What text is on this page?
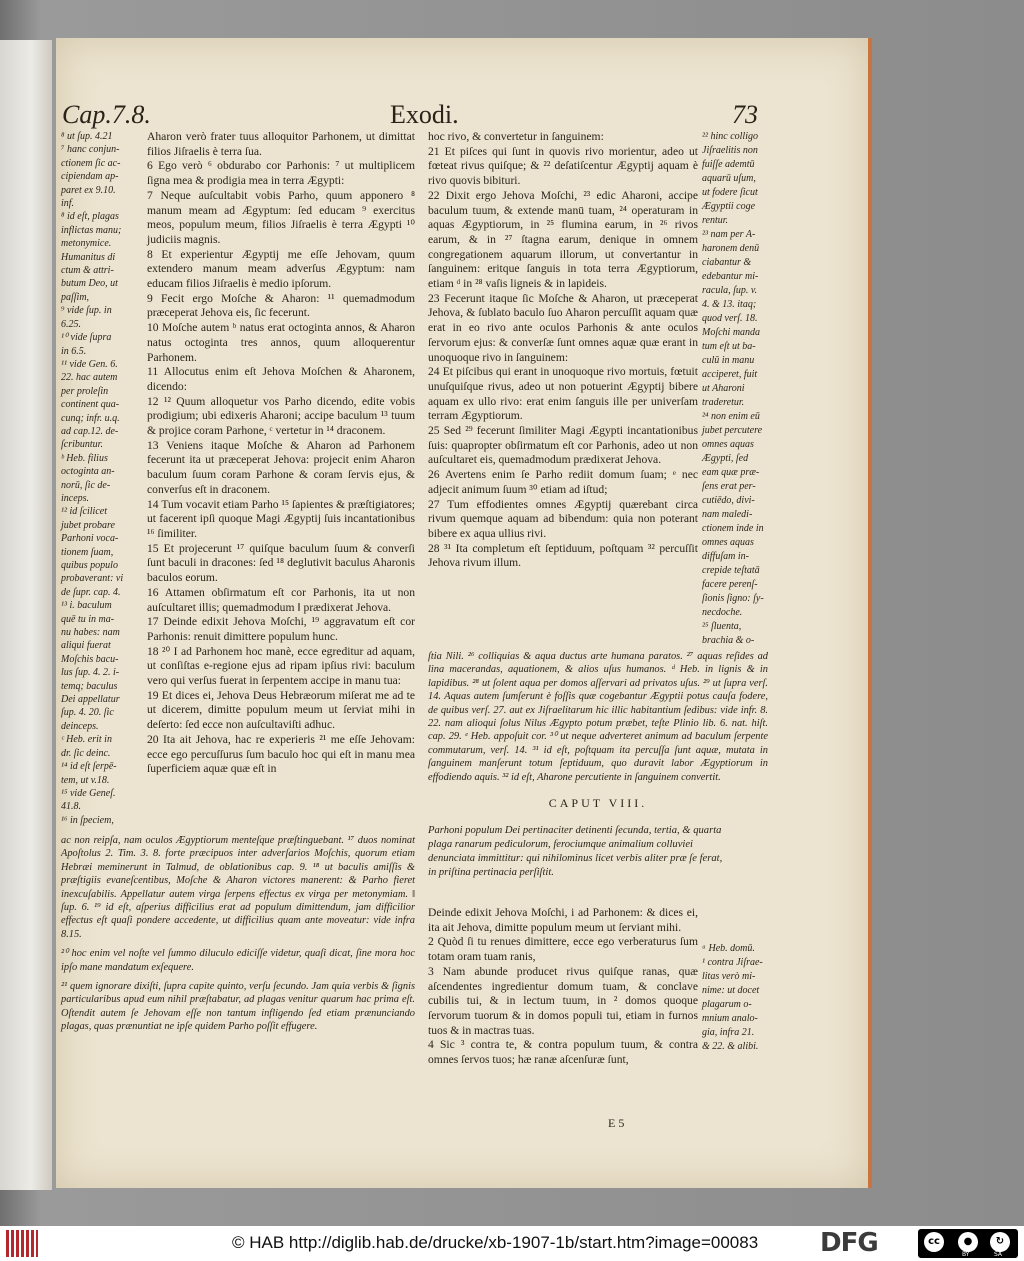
Cap.7.8.	Exodi.	73

⁸ ut ſup. 4.21

⁷ hanc conjun-

ctionem ſic ac-

cipiendam ap-

paret ex 9.10.

inf.

⁸ id eſt, plagas

inflictas manu;

metonymice.

Humanitus di

ctum & attri-

butum Deo, ut

paſſim,

⁹ vide ſup. in

6.25.

¹⁰ vide ſupra

in 6.5.

¹¹ vide Gen. 6.

22. hac autem

per proleſin

continent qua-

cunq; infr. u.q.

ad cap.12. de-

ſcribuntur.

ᵇ Heb. filius

octoginta an-

norū, ſic de-

inceps.

¹² id ſcilicet

jubet probare

Parhoni voca-

tionem ſuam,

quibus populo

probaverant: vi

de ſupr. cap. 4.

¹³ i. baculum

quē tu in ma-

nu habes: nam

aliqui fuerat

Moſchis bacu-

lus ſup. 4. 2. i-

temq; baculus

Dei appellatur

ſup. 4. 20. ſic

deinceps.

ᶜ Heb. erit in

dr. ſic deinc.

¹⁴ id eſt ſerpē-

tem, ut v.18.

¹⁵ vide Geneſ.

41.8.

¹⁶ in ſpeciem,

Aharon verò frater tuus alloquitor Parhonem, ut dimittat filios Jiſraelis è terra ſua.

6 Ego verò ⁶ obdurabo cor Parhonis: ⁷ ut multiplicem ſigna mea & prodigia mea in terra Ægypti:

7 Neque auſcultabit vobis Parho, quum apponero ⁸ manum meam ad Ægyptum: ſed educam ⁹ exercitus meos, populum meum, filios Jiſraelis è terra Ægypti ¹⁰ judiciis magnis.

8 Et experientur Ægyptij me eſſe Jehovam, quum extendero manum meam adverſus Ægyptum: nam educam filios Jiſraelis è medio ipſorum.

9 Fecit ergo Moſche & Aharon: ¹¹ quemadmodum præceperat Jehova eis, ſic fecerunt.

10 Moſche autem ᵇ natus erat octoginta annos, & Aharon natus octoginta tres annos, quum alloquerentur Parhonem.

11 Allocutus enim eſt Jehova Moſchen & Aharonem, dicendo:

12 ¹² Quum alloquetur vos Parho dicendo, edite vobis prodigium; ubi edixeris Aharoni; accipe baculum ¹³ tuum & projice coram Parhone, ᶜ vertetur in ¹⁴ draconem.

13 Veniens itaque Moſche & Aharon ad Parhonem fecerunt ita ut præceperat Jehova: projecit enim Aharon baculum ſuum coram Parhone & coram ſervis ejus, & converſus eſt in draconem.

14 Tum vocavit etiam Parho ¹⁵ ſapientes & præſtigiatores; ut facerent ipſi quoque Magi Ægyptij ſuis incantationibus ¹⁶ ſimiliter.

15 Et projecerunt ¹⁷ quiſque baculum ſuum & converſi ſunt baculi in dracones: ſed ¹⁸ deglutivit baculus Aharonis baculos eorum.

16 Attamen obſirmatum eſt cor Parhonis, ita ut non auſcultaret illis; quemadmodum ‖ prædixerat Jehova.

17 Deinde edixit Jehova Moſchi, ¹⁹ aggravatum eſt cor Parhonis: renuit dimittere populum hunc.

18 ²⁰ I ad Parhonem hoc manè, ecce egreditur ad aquam, ut conſiſtas e-regione ejus ad ripam ipſius rivi: baculum vero qui verſus fuerat in ſerpentem accipe in manu tua:

19 Et dices ei, Jehova Deus Hebræorum miſerat me ad te ut dicerem, dimitte populum meum ut ſerviat mihi in deſerto: ſed ecce non auſcultaviſti adhuc.

20 Ita ait Jehova, hac re experieris ²¹ me eſſe Jehovam: ecce ego percuſſurus ſum baculo hoc qui eſt in manu mea ſuperficiem aquæ quæ eſt in

hoc rivo, & convertetur in ſanguinem:

21 Et piſces qui ſunt in quovis rivo morientur, adeo ut fœteat rivus quiſque; & ²² deſatiſcentur Ægyptij aquam è rivo quovis bibituri.

22 Dixit ergo Jehova Moſchi, ²³ edic Aharoni, accipe baculum tuum, & extende manū tuam, ²⁴ operaturam in aquas Ægyptiorum, in ²⁵ flumina earum, in ²⁶ rivos earum, & in ²⁷ ſtagna earum, denique in omnem congregationem aquarum illorum, ut convertantur in ſanguinem: eritque ſanguis in tota terra Ægyptiorum, etiam ᵈ in ²⁸ vaſis ligneis & in lapideis.

23 Fecerunt itaque ſic Moſche & Aharon, ut præceperat Jehova, & ſublato baculo ſuo Aharon percuſſit aquam quæ erat in eo rivo ante oculos Parhonis & ante oculos ſervorum ejus: & converſæ ſunt omnes aquæ quæ erant in unoquoque rivo in ſanguinem:

24 Et piſcibus qui erant in unoquoque rivo mortuis, fœtuit unuſquiſque rivus, adeo ut non potuerint Ægyptij bibere aquam ex ullo rivo: erat enim ſanguis ille per univerſam terram Ægyptiorum.

25 Sed ²⁹ fecerunt ſimiliter Magi Ægypti incantationibus ſuis: quapropter obſirmatum eſt cor Parhonis, adeo ut non auſcultaret eis, quemadmodum prædixerat Jehova.

26 Avertens enim ſe Parho rediit domum ſuam; ᵉ nec adjecit animum ſuum ³⁰ etiam ad iſtud;

27 Tum effodientes omnes Ægyptij quærebant circa rivum quemque aquam ad bibendum: quia non poterant bibere ex aqua ullius rivi.

28 ³¹ Ita completum eſt ſeptiduum, poſtquam ³² percuſſit Jehova rivum illum.

²² hinc colligo

Jiſraelitis non

fuiſſe ademtū

aquarū uſum,

ut fodere ſicut

Ægyptii coge

rentur.

²³ nam per A-

haronem denū

ciabantur &

edebantur mi-

racula, ſup. v.

4. & 13. itaq;

quod verſ. 18.

Moſchi manda

tum eſt ut ba-

culū in manu

acciperet, fuit

ut Aharoni

traderetur.

²⁴ non enim eū

jubet percutere

omnes aquas

Ægypti, ſed

eam quæ præ-

ſens erat per-

cutiēdo, divi-

nam maledi-

ctionem inde in

omnes aquas

diffuſam in-

crepide teſtatā

facere perenſ-

ſionis ſigno: ſy-

necdoche.

²⁵ ſluenta,

brachia & o-

ac non reipſa, nam oculos Ægyptiorum menteſque præſtinguebant. ¹⁷ duos nominat Apoſtolus 2. Tim. 3. 8. forte præcipuos inter adverſarios Moſchis, quorum etiam Hebræi meminerunt in Talmud, de oblationibus cap. 9. ¹⁸ ut baculis amiſſis & præſtigiis evaneſcentibus, Moſche & Aharon victores manerent: & Parho fieret inexcuſabilis. Appellatur autem virga ſerpens effectus ex virga per metonymiam. ‖ ſup. 6. ¹⁹ id eſt, aſperius difficilius erat ad populum dimittendum, jam difficilior effectus eſt quaſi pondere accedente, ut difficilius quam ante moveatur: vide infra 8.15.

²⁰ hoc enim vel noſte vel ſummo diluculo ediciſſe videtur, quaſi dicat, ſine mora hoc ipſo mane mandatum exſequere.

²¹ quem ignorare dixiſti, ſupra capite quinto, verſu ſecundo. Jam quia verbis & ſignis particularibus apud eum nihil præſtabatur, ad plagas venitur quarum hac prima eſt. Oſtendit autem ſe Jehovam eſſe non tantum infligendo ſed etiam prænunciando plagas, quas prænuntiat ne ipſe quidem Parho poſſit effugere.

ſtia Nili. ²⁶ colliquias & aqua ductus arte humana paratos. ²⁷ aquas reſides ad lina macerandas, aquationem, & alios uſus humanos. ᵈ Heb. in lignis & in lapidibus. ²⁸ ut ſolent aqua per domos aſſervari ad privatos uſus. ²⁹ ut ſupra verſ. 14. Aquas autem ſumſerunt è foſſis quæ cogebantur Ægyptii potus cauſa fodere, de quibus verſ. 27. aut ex Jiſraelitarum hic illic habitantium ſedibus: vide infr. 8. 22. nam alioqui ſolus Nilus Ægypto potum præbet, teſte Plinio lib. 6. nat. hiſt. cap. 29. ᵉ Heb. appoſuit cor. ³⁰ ut neque adverteret animum ad baculum ſerpente commutarum, verſ. 14. ³¹ id eſt, poſtquam ita percuſſa ſunt aquæ, mutata in ſanguinem manſerunt totum ſeptiduum, quo duravit labor Ægyptiorum in effodiendo aquis. ³² id eſt, Aharone percutiente in ſanguinem convertit.
CAPUT VIII.
Parhoni populum Dei pertinaciter detinenti ſecunda, tertia, & quarta plaga ranarum pediculorum, ferociumque animalium colluviei denunciata immittitur: qui nihilominus licet verbis aliter præ ſe ferat, in priſtina pertinacia perſiſtit.

Deinde edixit Jehova Moſchi, i ad Parhonem: & dices ei, ita ait Jehova, dimitte populum meum ut ſerviant mihi.

2 Quòd ſi tu renues dimittere, ecce ego verberaturus ſum totam oram tuam ranis,

3 Nam abunde producet rivus quiſque ranas, quæ aſcendentes ingredientur domum tuam, & conclave cubilis tui, & in lectum tuum, in ² domos quoque ſervorum tuorum & in domos populi tui, etiam in furnos tuos & in mactras tuas.

4 Sic ³ contra te, & contra populum tuum, & contra omnes ſervos tuos; hæ ranæ aſcenſuræ ſunt,

ᵃ Heb. domū.

¹ contra Jiſrae-

litas verò mi-

nime: ut docet

plagarum o-

mnium analo-

gia, infra 21.

& 22. & alibi.

E 5
© HAB http://diglib.hab.de/drucke/xb-1907-1b/start.htm?image=00083 DFG	cc	●	↻
BY	SA
